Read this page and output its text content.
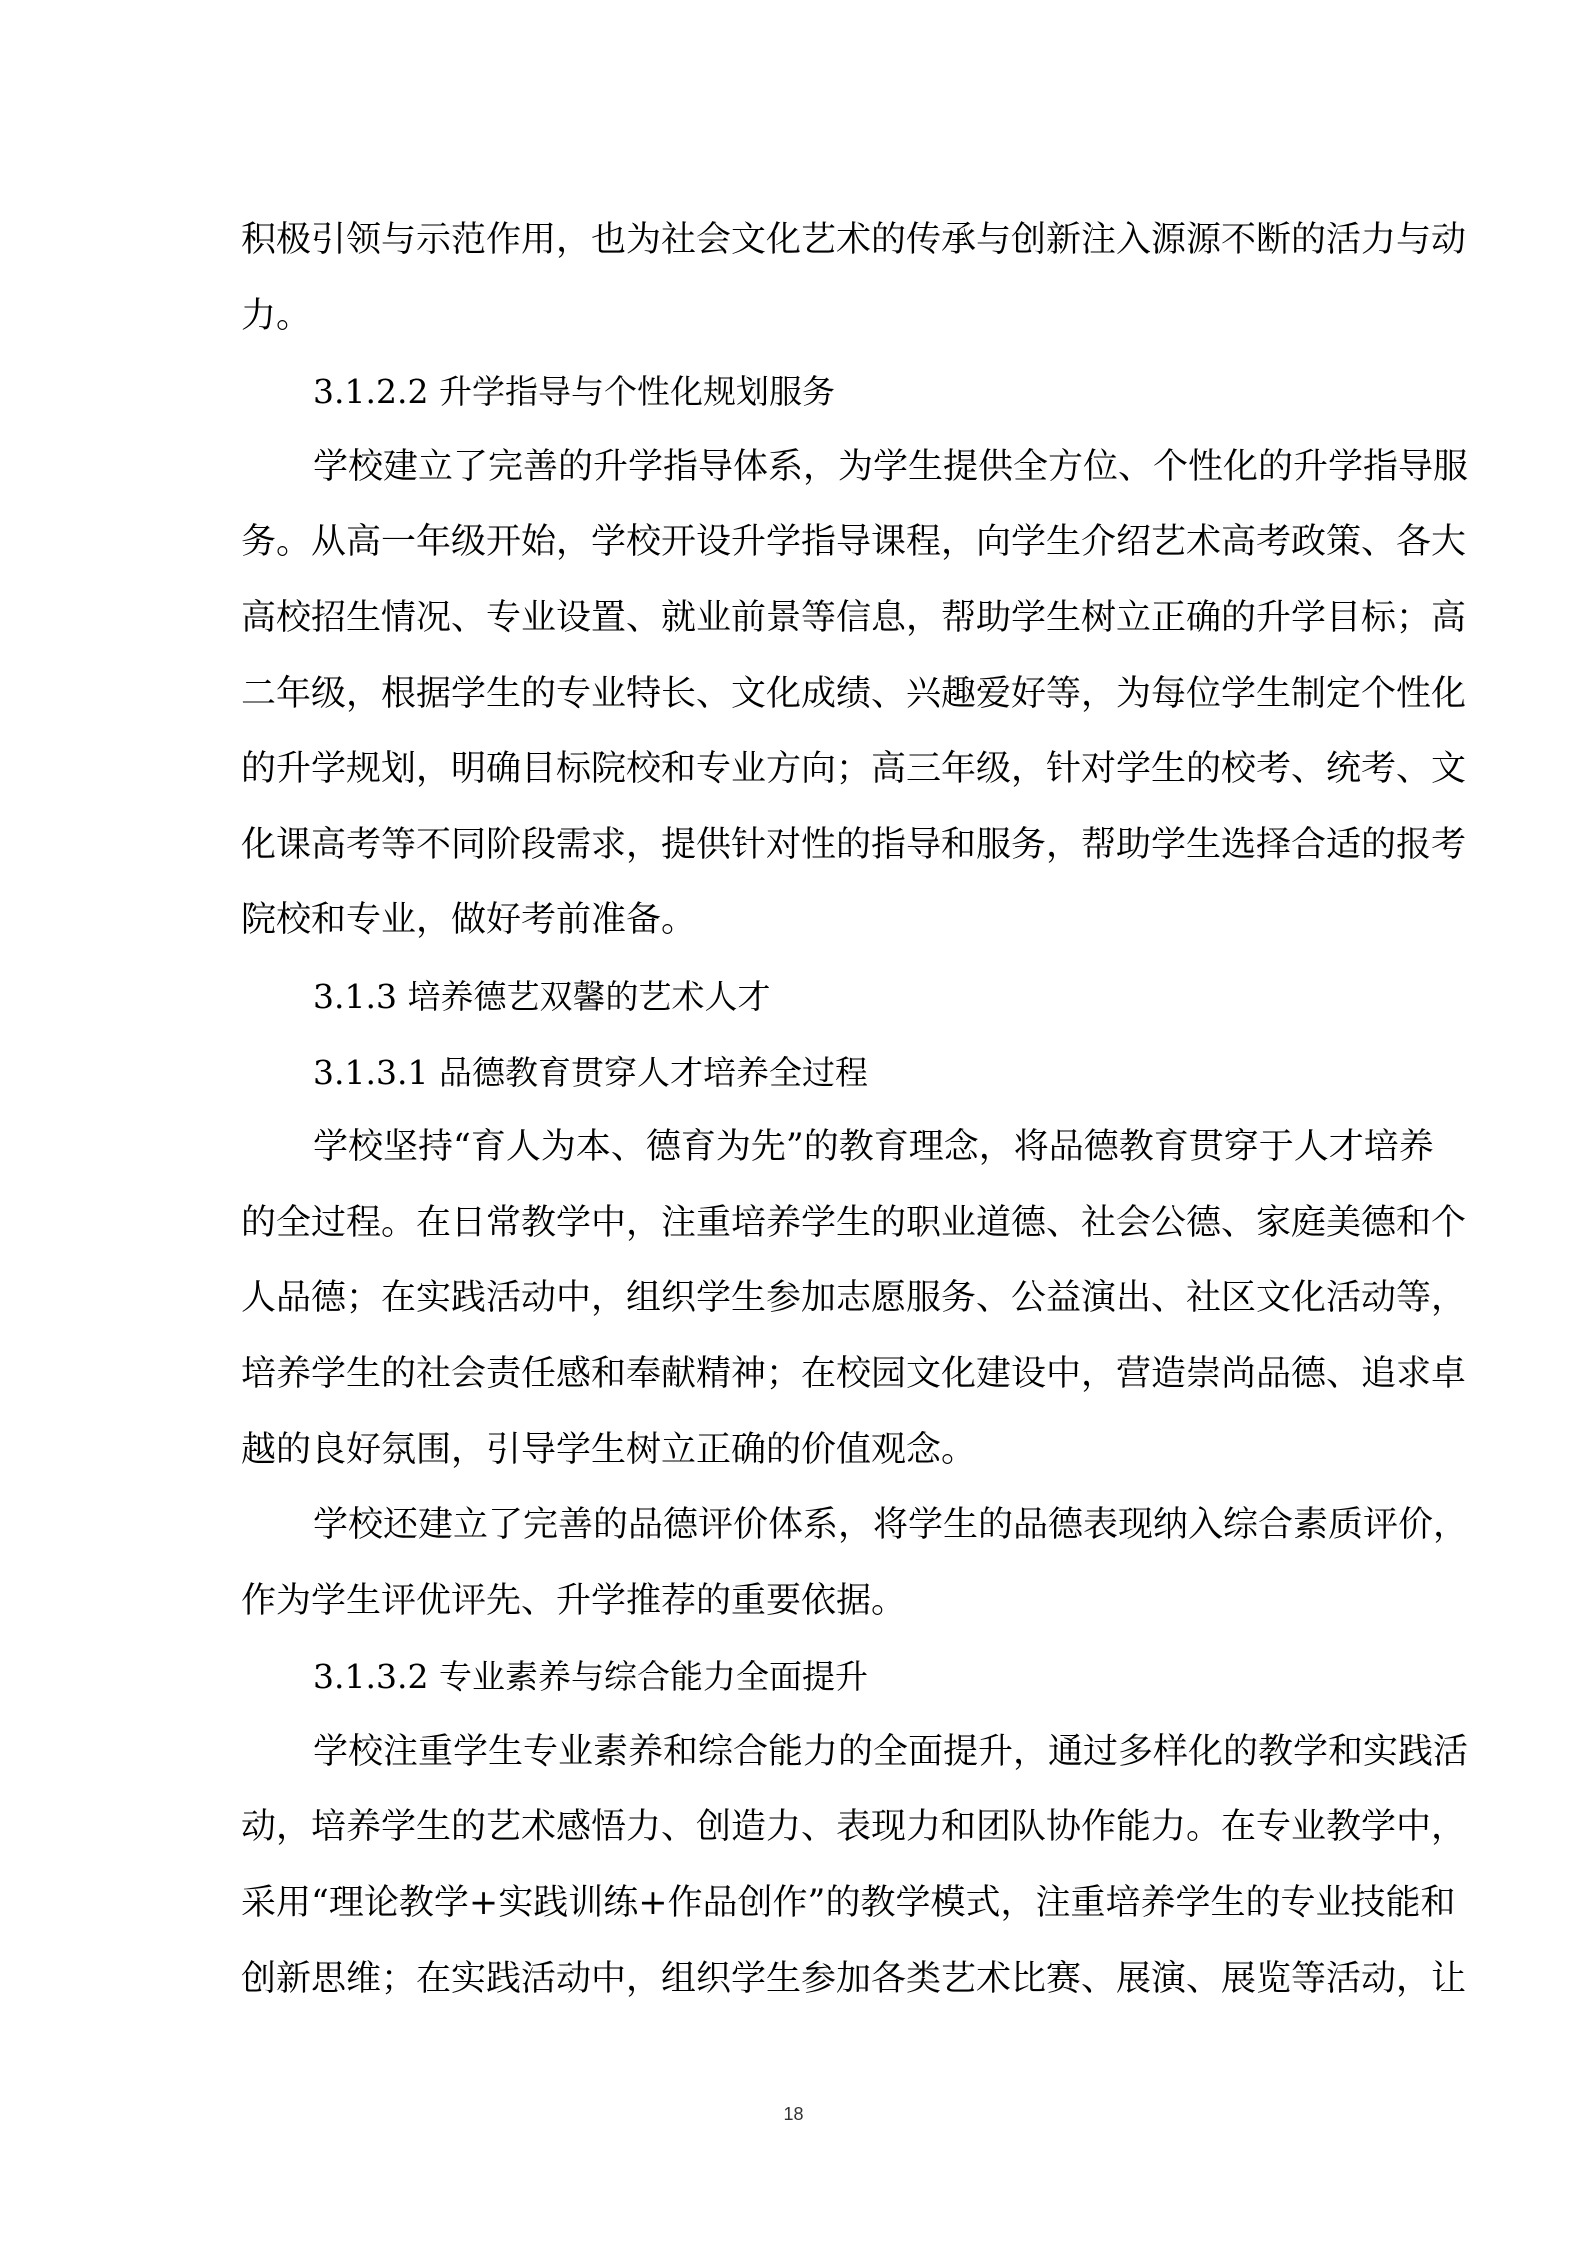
积极引领与示范作用，也为社会文化艺术的传承与创新注入源源不断的活力与动
力。
3.1.2.2 升学指导与个性化规划服务
学校建立了完善的升学指导体系，为学生提供全方位、个性化的升学指导服
务。从高一年级开始，学校开设升学指导课程，向学生介绍艺术高考政策、各大
高校招生情况、专业设置、就业前景等信息，帮助学生树立正确的升学目标；高
二年级，根据学生的专业特长、文化成绩、兴趣爱好等，为每位学生制定个性化
的升学规划，明确目标院校和专业方向；高三年级，针对学生的校考、统考、文
化课高考等不同阶段需求，提供针对性的指导和服务，帮助学生选择合适的报考
院校和专业，做好考前准备。
3.1.3 培养德艺双馨的艺术人才
3.1.3.1 品德教育贯穿人才培养全过程
学校坚持“育人为本、德育为先”的教育理念，将品德教育贯穿于人才培养
的全过程。在日常教学中，注重培养学生的职业道德、社会公德、家庭美德和个
人品德；在实践活动中，组织学生参加志愿服务、公益演出、社区文化活动等，
培养学生的社会责任感和奉献精神；在校园文化建设中，营造崇尚品德、追求卓
越的良好氛围，引导学生树立正确的价值观念。
学校还建立了完善的品德评价体系，将学生的品德表现纳入综合素质评价，
作为学生评优评先、升学推荐的重要依据。
3.1.3.2 专业素养与综合能力全面提升
学校注重学生专业素养和综合能力的全面提升，通过多样化的教学和实践活
动，培养学生的艺术感悟力、创造力、表现力和团队协作能力。在专业教学中，
采用“理论教学+实践训练+作品创作”的教学模式，注重培养学生的专业技能和
创新思维；在实践活动中，组织学生参加各类艺术比赛、展演、展览等活动，让
18
